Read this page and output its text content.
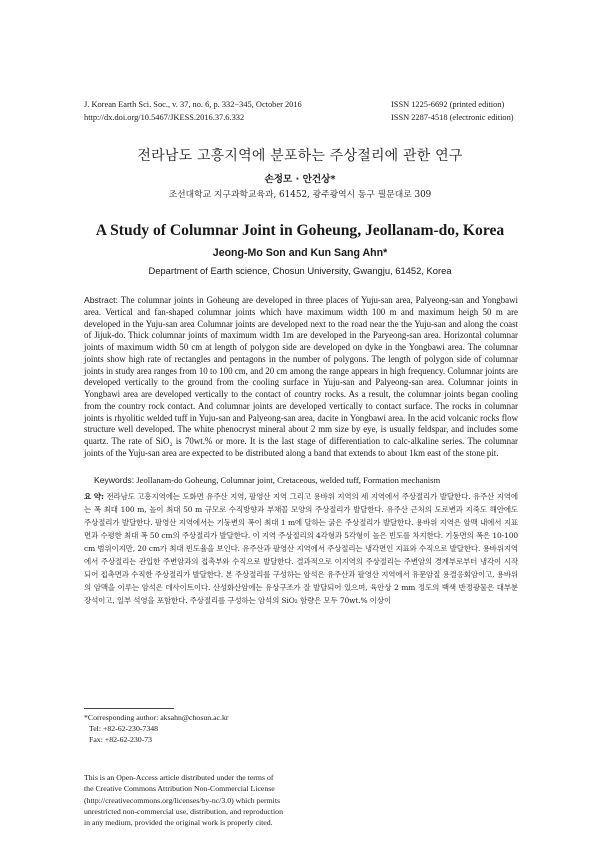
J. Korean Earth Sci. Soc., v. 37, no. 6, p. 332−345, October 2016
http://dx.doi.org/10.5467/JKESS.2016.37.6.332
ISSN 1225-6692 (printed edition)
ISSN 2287-4518 (electronic edition)
전라남도 고흥지역에 분포하는 주상절리에 관한 연구
손정모 · 안건상*
조선대학교 지구과학교육과, 61452, 광주광역시 동구 필문대로 309
A Study of Columnar Joint in Goheung, Jeollanam-do, Korea
Jeong-Mo Son and Kun Sang Ahn*
Department of Earth science, Chosun University, Gwangju, 61452, Korea
Abstract: The columnar joints in Goheung are developed in three places of Yuju-san area, Palyeong-san and Yongbawi area. Vertical and fan-shaped columnar joints which have maximum width 100 m and maximum heigh 50 m are developed in the Yuju-san area Columnar joints are developed next to the road near the the Yuju-san and along the coast of Jijuk-do. Thick columnar joints of maximum width 1m are developed in the Paryeong-san area. Horizontal columnar joints of maximum width 50 cm at length of polygon side are developed on dyke in the Yongbawi area. The columnar joints show high rate of rectangles and pentagons in the number of polygons. The length of polygon side of columnar joints in study area ranges from 10 to 100 cm, and 20 cm among the range appears in high frequency. Columnar joints are developed vertically to the ground from the cooling surface in Yuju-san and Palyeong-san area. Columnar joints in Yongbawi area are developed vertically to the contact of country rocks. As a result, the columnar joints began cooling from the country rock contact. And columnar joints are developed vertically to contact surface. The rocks in columnar joints is rhyolitic welded tuff in Yuju-san and Palyeong-san area, dacite in Yongbawi area. In the acid volcanic rocks flow structure well developed. The white phenocryst mineral about 2 mm size by eye, is usually feldspar, and includes some quartz. The rate of SiO₂ is 70wt.% or more. It is the last stage of differentiation to calc-alkaline series. The columnar joints of the Yuju-san area are expected to be distributed along a band that extends to about 1km east of the stone pit.
Keywords: Jeollanam-do Goheung, Columnar joint, Cretaceous, welded tuff, Formation mechanism
요 약: 전라남도 고흥지역에는 도화면 유주산 지역, 팔영산 지역 그리고 용바위 지역의 세 지역에서 주상절리가 발달한다. 유주산 지역에는 폭 최대 100 m, 높이 최대 50 m 규모로 수직방향과 부채꼴 모양의 주상절리가 발달한다. 유주산 근처의 도로변과 지죽도 해안에도 주상절리가 발달한다. 팔영산 지역에서는 기둥변의 폭이 최대 1 m에 달하는 굵은 주상절리가 발달한다. 용바위 지역은 암맥 내에서 지표면과 수평한 최대 폭 50 cm의 주상절리가 발달한다. 이 지역 주상절리의 4각형과 5각형이 높은 빈도를 차지한다. 기둥면의 폭은 10-100 cm 범위이지만, 20 cm가 최대 빈도율을 보인다. 유주산과 팔영산 지역에서 주상절리는 냉각면인 지표와 수직으로 발달한다. 용바위지역에서 주상절리는 관입한 주변암과의 접촉부와 수직으로 발달한다. 결과적으로 이지역의 주상절리는 주변암의 경계부로부터 냉각이 시작되어 접촉면과 수직한 주상절리가 발달한다. 본 주상절리를 구성하는 암석은 유주산과 팔영산 지역에서 유문암질 용결응회암이고, 용바위의 암맥을 이루는 암석은 데사이트이다. 산성화산암에는 유상구조가 잘 발달되어 있으며, 육안상 2 mm 정도의 백색 반정광물은 대부분 장석이고, 일부 석영을 포함한다. 주상절리를 구성하는 암석의 SiO₂ 함량은 모두 70wt.% 이상이
*Corresponding author: aksahn@chosun.ac.kr
Tel: +82-62-230-7348
Fax: +82-62-230-73
This is an Open-Access article distributed under the terms of the Creative Commons Attribution Non-Commercial License (http://creativecommons.org/licenses/by-nc/3.0) which permits unrestricted non-commercial use, distribution, and reproduction in any medium, provided the original work is properly cited.
